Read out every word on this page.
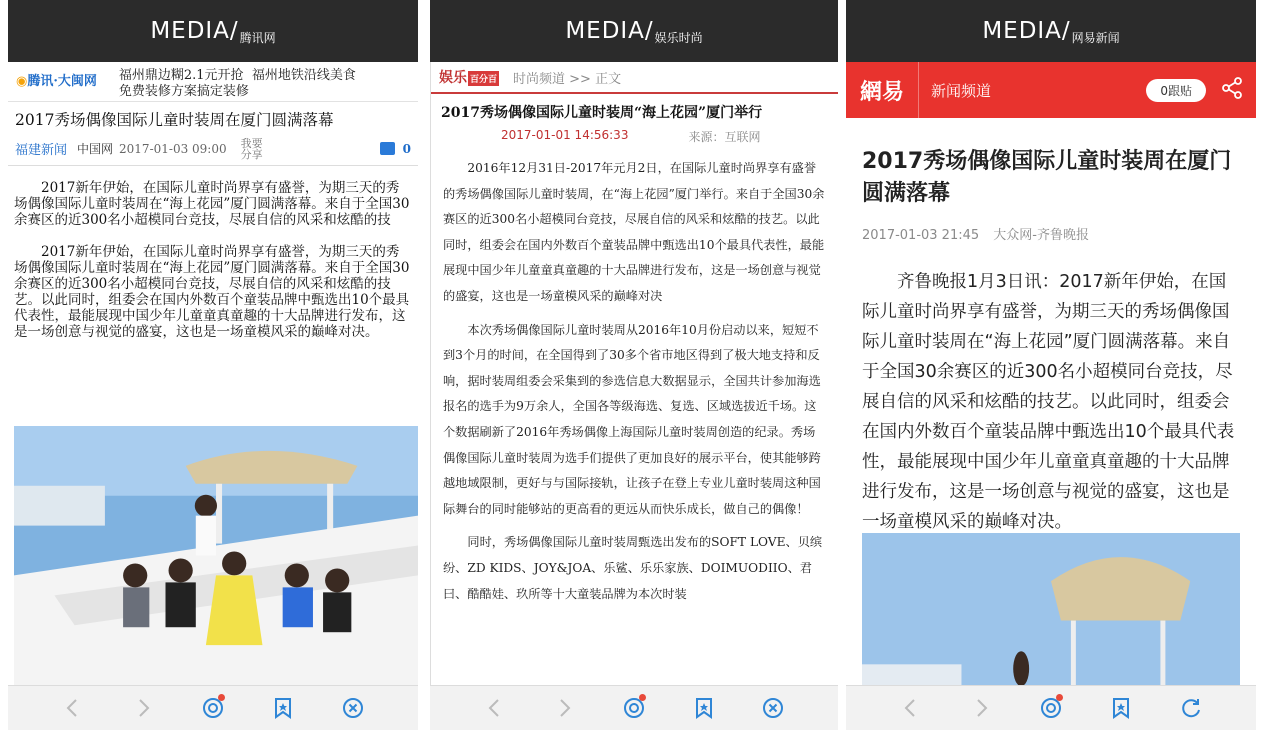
MEDIA/ 腾讯网
◉腾讯·大闽网 福州鼎边糊2.1元开抢 福州地铁沿线美食
免费装修方案搞定装修
2017秀场偶像国际儿童时装周在厦门圆满落幕
福建新闻 中国网 2017-01-03 09:00 我要分享	0

2017新年伊始，在国际儿童时尚界享有盛誉，为期三天的秀场偶像国际儿童时装周在“海上花园”厦门圆满落幕。来自于全国30余赛区的近300名小超模同台竞技，尽展自信的风采和炫酷的技

2017新年伊始，在国际儿童时尚界享有盛誉，为期三天的秀场偶像国际儿童时装周在“海上花园”厦门圆满落幕。来自于全国30余赛区的近300名小超模同台竞技，尽展自信的风采和炫酷的技艺。以此同时，组委会在国内外数百个童装品牌中甄选出10个最具代表性，最能展现中国少年儿童童真童趣的十大品牌进行发布，这是一场创意与视觉的盛宴，这也是一场童模风采的巅峰对决。

MEDIA/ 娱乐时尚
娱乐 百分百 时尚频道 >> 正文
2017秀场偶像国际儿童时装周“海上花园”厦门举行
2017-01-01 14:56:33	来源：互联网

2016年12月31日-2017年元月2日，在国际儿童时尚界享有盛誉的秀场偶像国际儿童时装周，在“海上花园”厦门举行。来自于全国30余赛区的近300名小超模同台竞技，尽展自信的风采和炫酷的技艺。以此同时，组委会在国内外数百个童装品牌中甄选出10个最具代表性，最能展现中国少年儿童童真童趣的十大品牌进行发布，这是一场创意与视觉的盛宴，这也是一场童模风采的巅峰对决

本次秀场偶像国际儿童时装周从2016年10月份启动以来，短短不到3个月的时间，在全国得到了30多个省市地区得到了极大地支持和反响，据时装周组委会采集到的参选信息大数据显示，全国共计参加海选报名的选手为9万余人，全国各等级海选、复选、区域选拔近千场。这个数据刷新了2016年秀场偶像上海国际儿童时装周创造的纪录。秀场偶像国际儿童时装周为选手们提供了更加良好的展示平台，使其能够跨越地域限制，更好与与国际接轨，让孩子在登上专业儿童时装周这种国际舞台的同时能够站的更高看的更远从而快乐成长，做自己的偶像！

同时，秀场偶像国际儿童时装周甄选出发布的SOFT LOVE、贝缤纷、ZD KIDS、JOY&JOA、乐鲨、乐乐家族、DOIMUODIIO、君曰、酷酷娃、玖所等十大童装品牌为本次时装

MEDIA/ 网易新闻
網易	新闻频道	0跟贴
2017秀场偶像国际儿童时装周在厦门圆满落幕
2017-01-03 21:45 大众网-齐鲁晚报

齐鲁晚报1月3日讯：2017新年伊始，在国际儿童时尚界享有盛誉，为期三天的秀场偶像国际儿童时装周在“海上花园”厦门圆满落幕。来自于全国30余赛区的近300名小超模同台竞技，尽展自信的风采和炫酷的技艺。以此同时，组委会在国内外数百个童装品牌中甄选出10个最具代表性，最能展现中国少年儿童童真童趣的十大品牌进行发布，这是一场创意与视觉的盛宴，这也是一场童模风采的巅峰对决。
